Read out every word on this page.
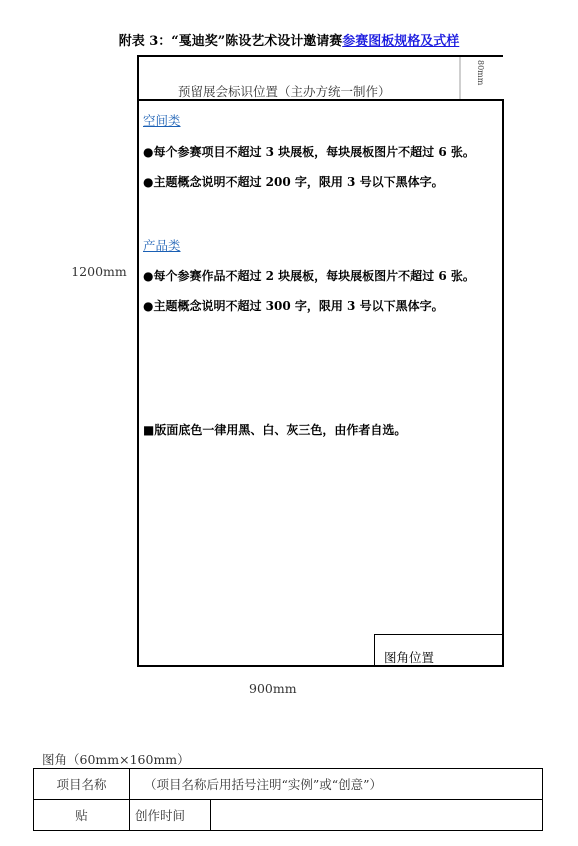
附表 3：“戛迪奖”陈设艺术设计邀请赛参赛图板规格及式样
预留展会标识位置（主办方统一制作）
80mm
空间类

●每个参赛项目不超过 3 块展板，每块展板图片不超过 6 张。

●主题概念说明不超过 200 字，限用 3 号以下黑体字。

产品类

●每个参赛作品不超过 2 块展板，每块展板图片不超过 6 张。

●主题概念说明不超过 300 字，限用 3 号以下黑体字。

■版面底色一律用黑、白、灰三色，由作者自选。
图角位置
1200mm
900mm
图角（60mm×160mm）
项目名称	（项目名称后用括号注明“实例”或“创意”）	
贴	创作时间	
